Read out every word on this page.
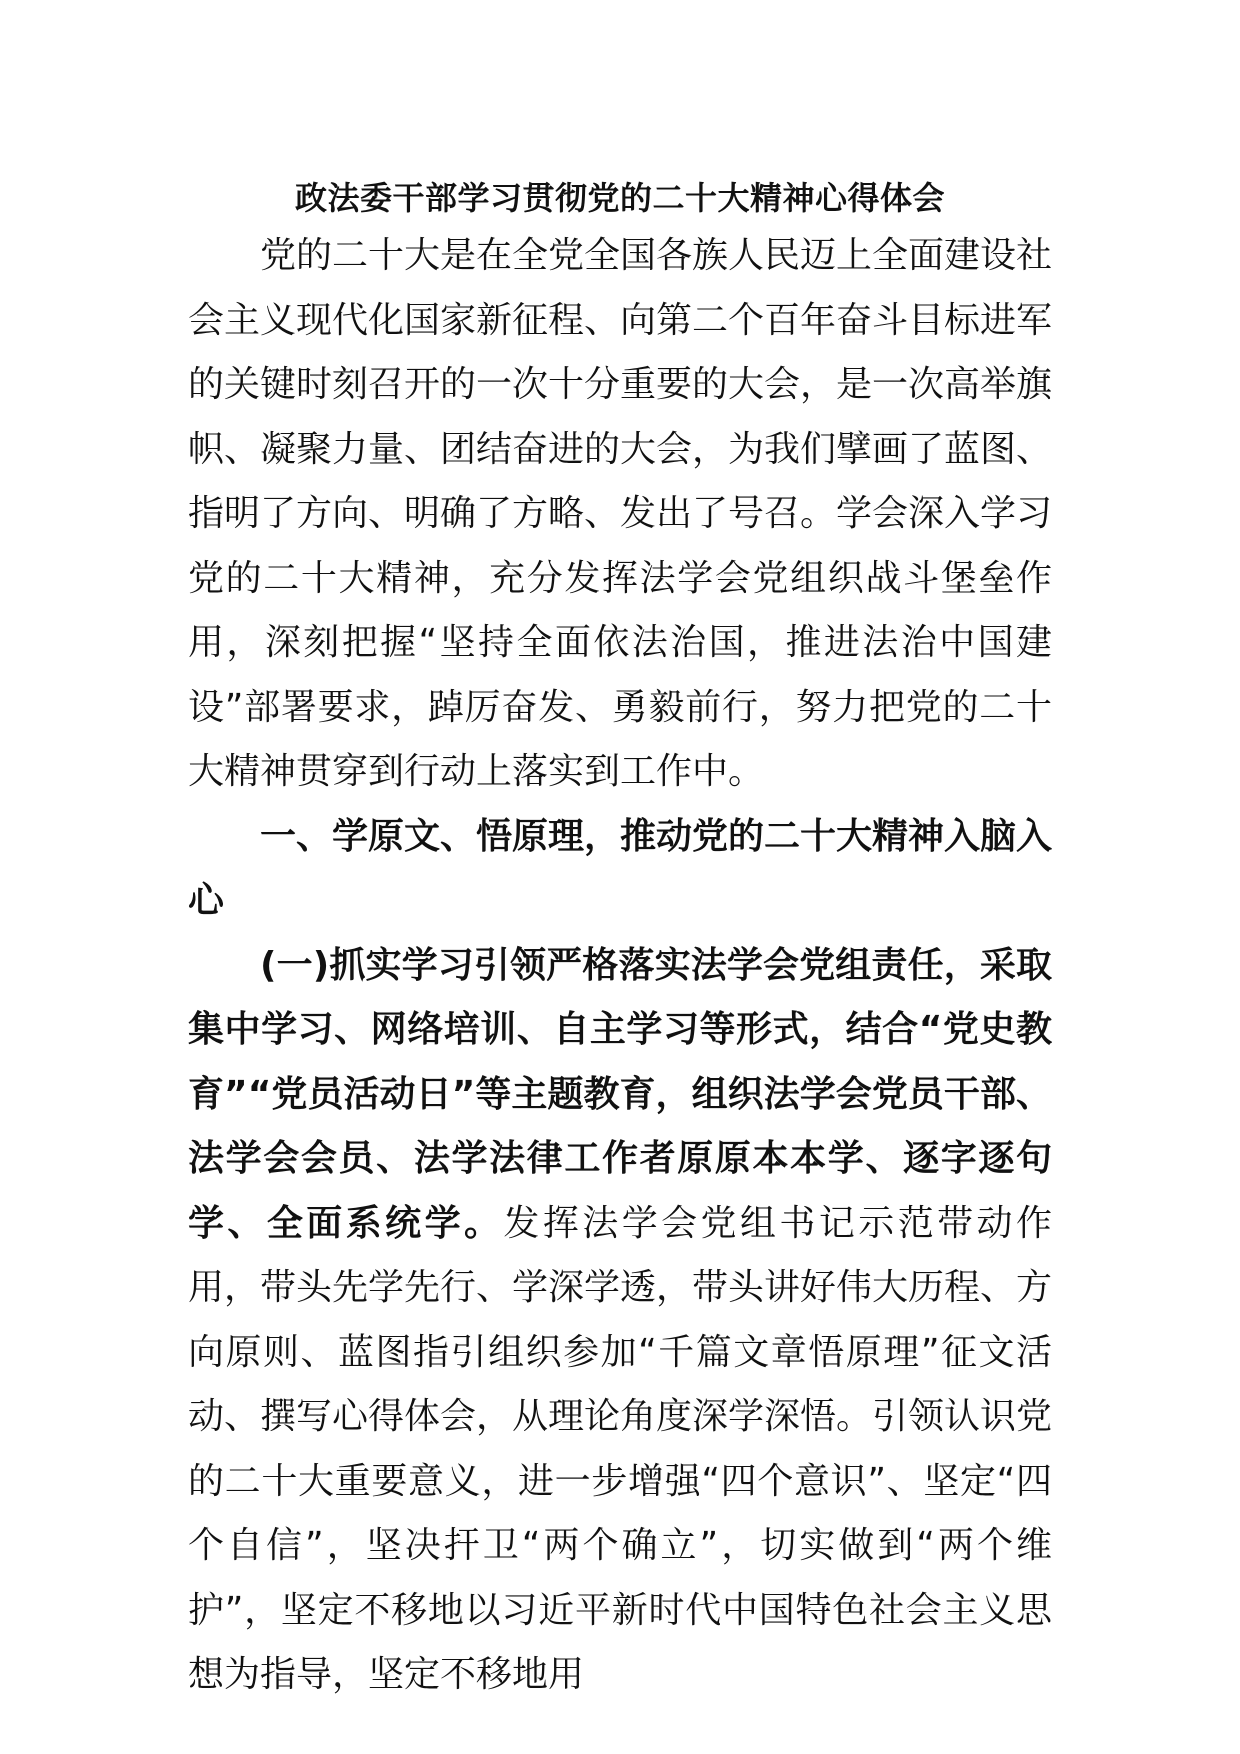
政法委干部学习贯彻党的二十大精神心得体会

党的二十大是在全党全国各族人民迈上全面建设社会主义现代化国家新征程、向第二个百年奋斗目标进军的关键时刻召开的一次十分重要的大会，是一次高举旗帜、凝聚力量、团结奋进的大会，为我们擘画了蓝图、指明了方向、明确了方略、发出了号召。学会深入学习党的二十大精神，充分发挥法学会党组织战斗堡垒作用，深刻把握“坚持全面依法治国，推进法治中国建设”部署要求，踔厉奋发、勇毅前行，努力把党的二十大精神贯穿到行动上落实到工作中。

一、学原文、悟原理，推动党的二十大精神入脑入心

(一)抓实学习引领严格落实法学会党组责任，采取集中学习、网络培训、自主学习等形式，结合“党史教育”“党员活动日”等主题教育，组织法学会党员干部、法学会会员、法学法律工作者原原本本学、逐字逐句学、全面系统学。发挥法学会党组书记示范带动作用，带头先学先行、学深学透，带头讲好伟大历程、方向原则、蓝图指引组织参加“千篇文章悟原理”征文活动、撰写心得体会，从理论角度深学深悟。引领认识党的二十大重要意义，进一步增强“四个意识”、坚定“四个自信”，坚决扞卫“两个确立”，切实做到“两个维护”，坚定不移地以习近平新时代中国特色社会主义思想为指导，坚定不移地用
